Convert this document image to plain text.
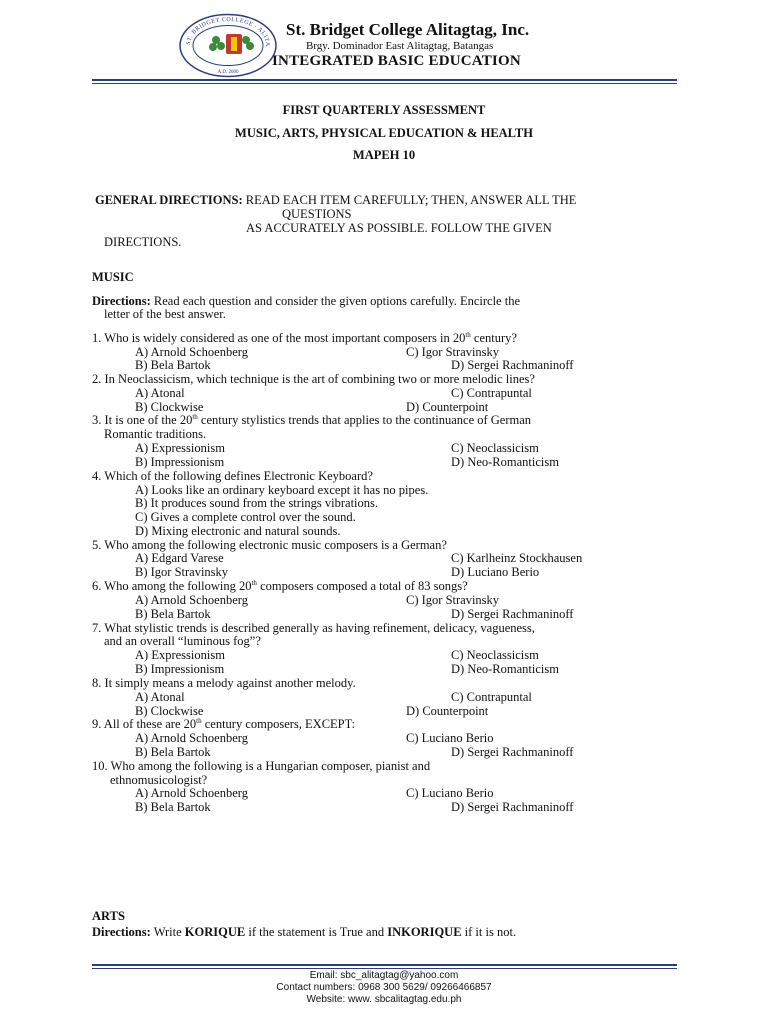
ST. BRIDGET COLLEGE · ALITA
A.D. 2000
St. Bridget College Alitagtag, Inc.
Brgy. Dominador East Alitagtag, Batangas
INTEGRATED BASIC EDUCATION
FIRST QUARTERLY ASSESSMENT
MUSIC, ARTS, PHYSICAL EDUCATION & HEALTH
MAPEH 10
GENERAL DIRECTIONS: READ EACH ITEM CAREFULLY; THEN, ANSWER ALL THE
QUESTIONS
AS ACCURATELY AS POSSIBLE. FOLLOW THE GIVEN
DIRECTIONS.
MUSIC
Directions: Read each question and consider the given options carefully. Encircle the
letter of the best answer.
1. Who is widely considered as one of the most important composers in 20th century?
A) Arnold Schoenberg	C) Igor Stravinsky
B) Bela Bartok	D) Sergei Rachmaninoff
2. In Neoclassicism, which technique is the art of combining two or more melodic lines?
A) Atonal	C) Contrapuntal
B) Clockwise	D) Counterpoint
3. It is one of the 20th century stylistics trends that applies to the continuance of German
Romantic traditions.
A) Expressionism	C) Neoclassicism
B) Impressionism	D) Neo-Romanticism
4. Which of the following defines Electronic Keyboard?
A) Looks like an ordinary keyboard except it has no pipes.
B) It produces sound from the strings vibrations.
C) Gives a complete control over the sound.
D) Mixing electronic and natural sounds.
5. Who among the following electronic music composers is a German?
A) Edgard Varese	C) Karlheinz Stockhausen
B) Igor Stravinsky	D) Luciano Berio
6. Who among the following 20th composers composed a total of 83 songs?
A) Arnold Schoenberg	C) Igor Stravinsky
B) Bela Bartok	D) Sergei Rachmaninoff
7. What stylistic trends is described generally as having refinement, delicacy, vagueness,
and an overall “luminous fog”?
A) Expressionism	C) Neoclassicism
B) Impressionism	D) Neo-Romanticism
8. It simply means a melody against another melody.
A) Atonal	C) Contrapuntal
B) Clockwise	D) Counterpoint
9. All of these are 20th century composers, EXCEPT:
A) Arnold Schoenberg	C) Luciano Berio
B) Bela Bartok	D) Sergei Rachmaninoff
10. Who among the following is a Hungarian composer, pianist and
ethnomusicologist?
A) Arnold Schoenberg	C) Luciano Berio
B) Bela Bartok	D) Sergei Rachmaninoff
ARTS
Directions: Write KORIQUE if the statement is True and INKORIQUE if it is not.
Email: sbc_alitagtag@yahoo.com
Contact numbers: 0968 300 5629/ 09266466857
Website: www. sbcalitagtag.edu.ph
